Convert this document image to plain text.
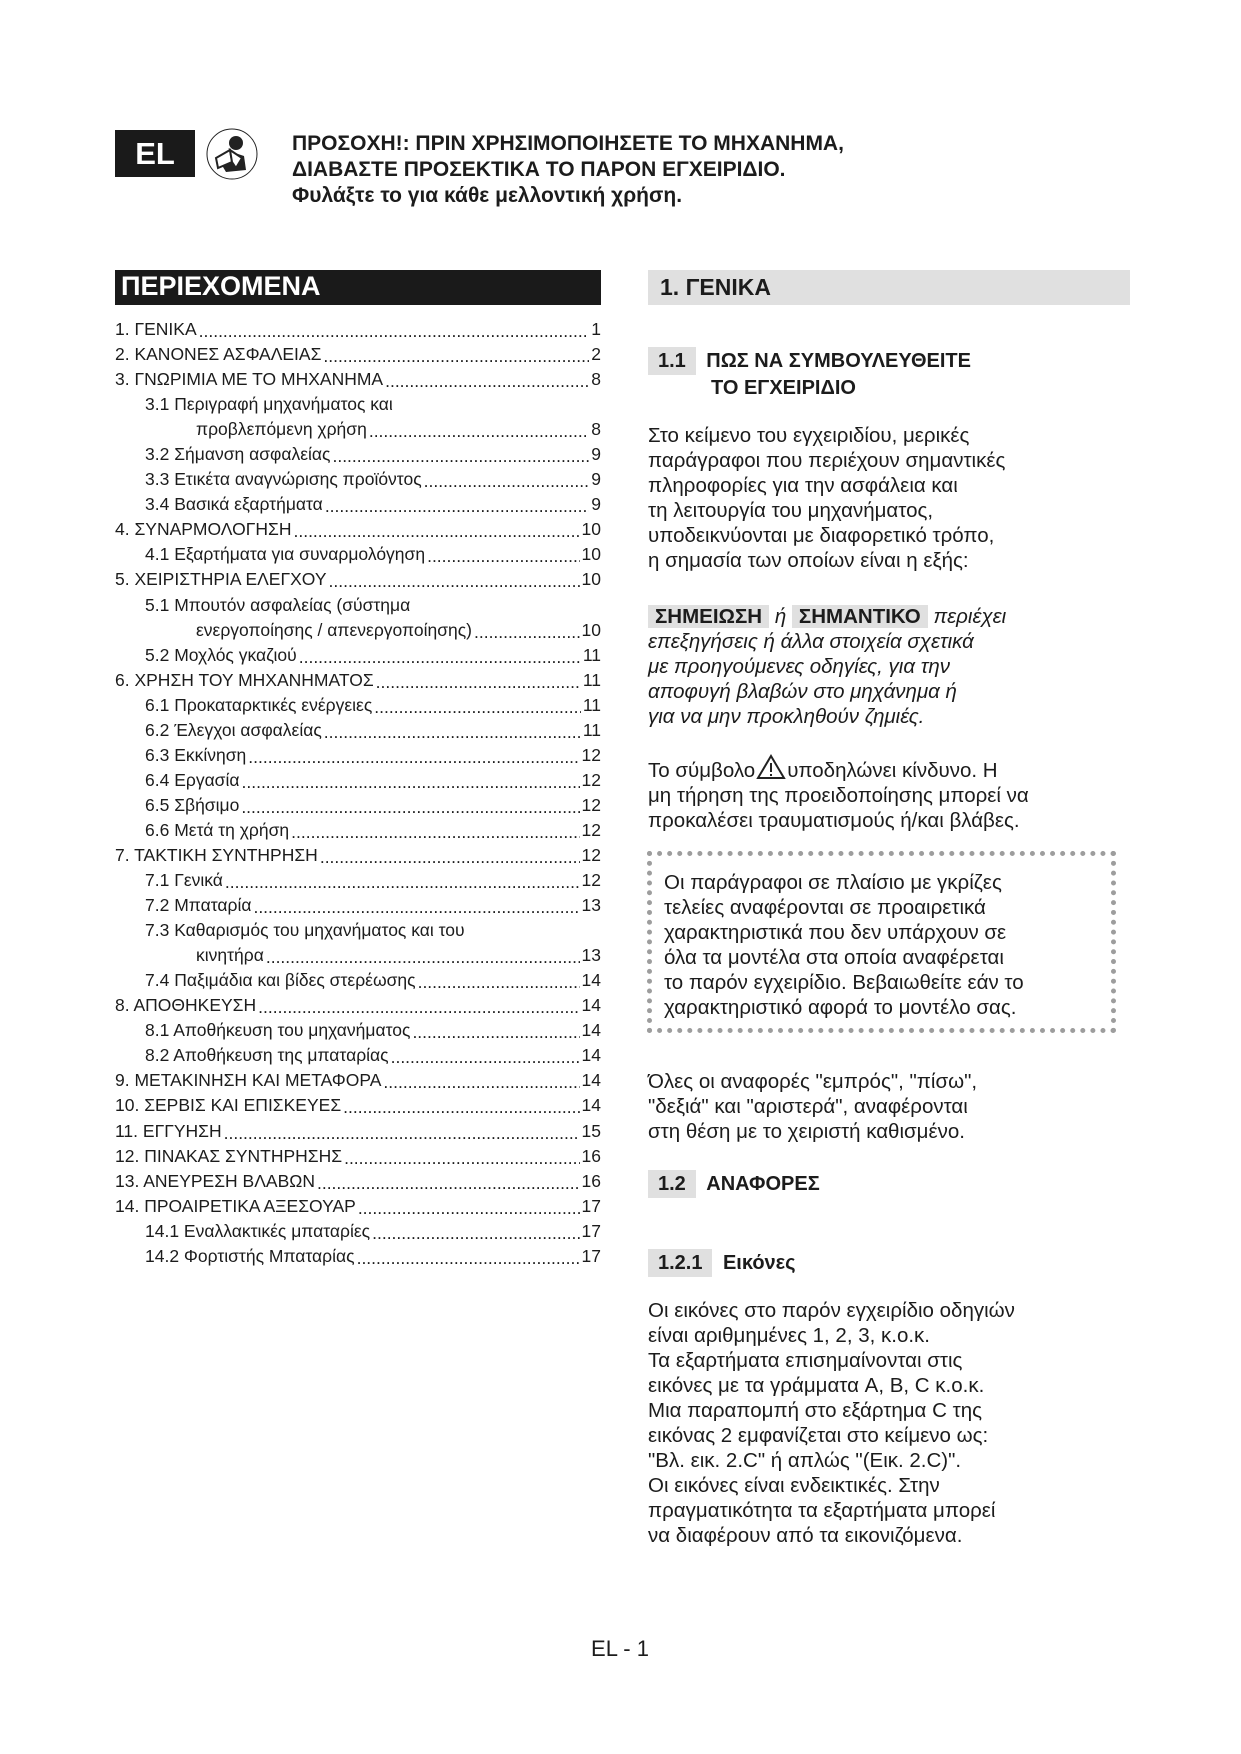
EL	ΠΡΟΣΟΧΗ!: ΠΡΙΝ ΧΡΗΣΙΜΟΠΟΙΗΣΕΤΕ ΤΟ ΜΗΧΑΝΗΜΑ,
ΔΙΑΒΑΣΤΕ ΠΡΟΣΕΚΤΙΚΑ ΤΟ ΠΑΡΟΝ ΕΓΧΕΙΡΙΔΙΟ.
Φυλάξτε το για κάθε μελλοντική χρήση.
ΠΕΡΙΕΧΟΜΕΝΑ
1. ΓΕΝΙΚΑ .....	1
2. ΚΑΝΟΝΕΣ ΑΣΦΑΛΕΙΑΣ .....	2
3. ΓΝΩΡΙΜΙΑ ΜΕ ΤΟ ΜΗΧΑΝΗΜΑ .....	8
3.1 Περιγραφή μηχανήματος και
προβλεπόμενη χρήση .....	8
3.2 Σήμανση ασφαλείας .....	9
3.3 Ετικέτα αναγνώρισης προϊόντος .....	9
3.4 Βασικά εξαρτήματα .....	9
4. ΣΥΝΑΡΜΟΛΟΓΗΣΗ .....	10
4.1 Εξαρτήματα για συναρμολόγηση .....	10
5. ΧΕΙΡΙΣΤΗΡΙΑ ΕΛΕΓΧΟΥ .....	10
5.1 Μπουτόν ασφαλείας (σύστημα
ενεργοποίησης / απενεργοποίησης) .....	10
5.2 Μοχλός γκαζιού .....	11
6. ΧΡΗΣΗ ΤΟΥ ΜΗΧΑΝΗΜΑΤΟΣ .....	11
6.1 Προκαταρκτικές ενέργειες .....	11
6.2 Έλεγχοι ασφαλείας .....	11
6.3 Εκκίνηση .....	12
6.4 Εργασία .....	12
6.5 Σβήσιμο .....	12
6.6 Μετά τη χρήση .....	12
7. ΤΑΚΤΙΚΗ ΣΥΝΤΗΡΗΣΗ .....	12
7.1 Γενικά .....	12
7.2 Μπαταρία .....	13
7.3 Καθαρισμός του μηχανήματος και του
κινητήρα .....	13
7.4 Παξιμάδια και βίδες στερέωσης .....	14
8. ΑΠΟΘΗΚΕΥΣΗ .....	14
8.1 Αποθήκευση του μηχανήματος .....	14
8.2 Αποθήκευση της μπαταρίας .....	14
9. ΜΕΤΑΚΙΝΗΣΗ ΚΑΙ ΜΕΤΑΦΟΡΑ .....	14
10. ΣΕΡΒΙΣ ΚΑΙ ΕΠΙΣΚΕΥΕΣ .....	14
11. ΕΓΓΥΗΣΗ .....	15
12. ΠΙΝΑΚΑΣ ΣΥΝΤΗΡΗΣΗΣ .....	16
13. ΑΝΕΥΡΕΣΗ ΒΛΑΒΩΝ .....	16
14. ΠΡΟΑΙΡΕΤΙΚΑ ΑΞΕΣΟΥΑΡ .....	17
14.1 Εναλλακτικές μπαταρίες .....	17
14.2 Φορτιστής Μπαταρίας .....	17
1. ΓΕΝΙΚΑ
1.1 ΠΩΣ ΝΑ ΣΥΜΒΟΥΛΕΥΘΕΙΤΕ
ΤΟ ΕΓΧΕΙΡΙΔΙΟ
Στο κείμενο του εγχειριδίου, μερικές
παράγραφοι που περιέχουν σημαντικές
πληροφορίες για την ασφάλεια και
τη λειτουργία του μηχανήματος,
υποδεικνύονται με διαφορετικό τρόπο,
η σημασία των οποίων είναι η εξής:
ΣΗΜΕΙΩΣΗ ή ΣΗΜΑΝΤΙΚΟ περιέχει
επεξηγήσεις ή άλλα στοιχεία σχετικά
με προηγούμενες οδηγίες, για την
αποφυγή βλαβών στο μηχάνημα ή
για να μην προκληθούν ζημιές.
Το σύμβολο υποδηλώνει κίνδυνο. Η
μη τήρηση της προειδοποίησης μπορεί να
προκαλέσει τραυματισμούς ή/και βλάβες.
Οι παράγραφοι σε πλαίσιο με γκρίζες
τελείες αναφέρονται σε προαιρετικά
χαρακτηριστικά που δεν υπάρχουν σε
όλα τα μοντέλα στα οποία αναφέρεται
το παρόν εγχειρίδιο. Βεβαιωθείτε εάν το
χαρακτηριστικό αφορά το μοντέλο σας.
Όλες οι αναφορές "εμπρός", "πίσω",
"δεξιά" και "αριστερά", αναφέρονται
στη θέση με το χειριστή καθισμένο.
1.2 ΑΝΑΦΟΡΕΣ
1.2.1 Εικόνες
Οι εικόνες στο παρόν εγχειρίδιο οδηγιών
είναι αριθμημένες 1, 2, 3, κ.ο.κ.
Τα εξαρτήματα επισημαίνονται στις
εικόνες με τα γράμματα A, B, C κ.ο.κ.
Μια παραπομπή στο εξάρτημα C της
εικόνας 2 εμφανίζεται στο κείμενο ως:
"Βλ. εικ. 2.C" ή απλώς "(Εικ. 2.C)".
Οι εικόνες είναι ενδεικτικές. Στην
πραγματικότητα τα εξαρτήματα μπορεί
να διαφέρουν από τα εικονιζόμενα.
EL - 1
